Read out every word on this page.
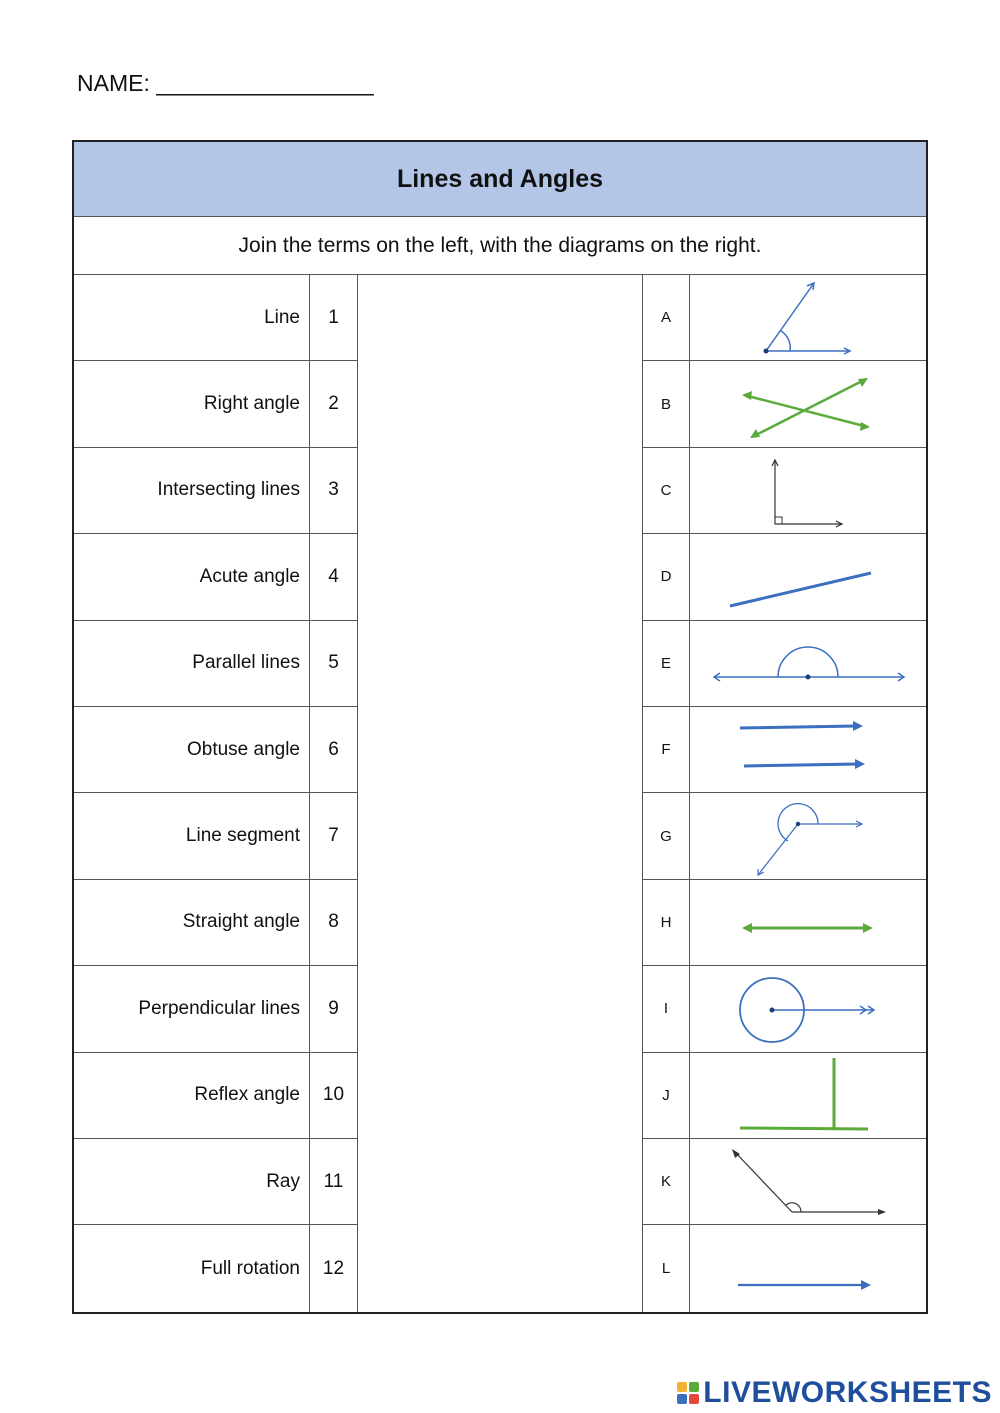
NAME: _________________
Lines and Angles
Join the terms on the left, with the diagrams on the right.
Line	1	A
Right angle	2	B
Intersecting lines	3	C
Acute angle	4	D
Parallel lines	5	E
Obtuse angle	6	F
Line segment	7	G
Straight angle	8	H
Perpendicular lines	9	I
Reflex angle	10	J
Ray	11	K
Full rotation	12	L
LIVEWORKSHEETS
